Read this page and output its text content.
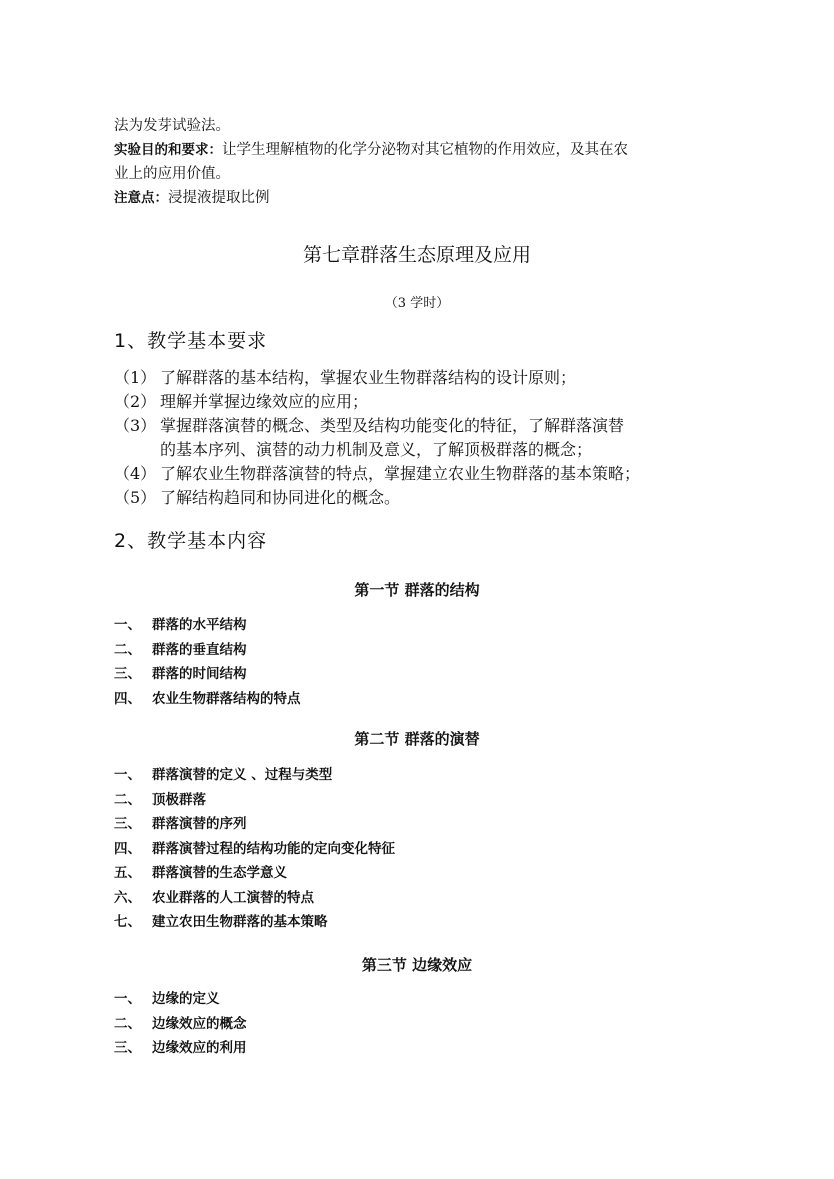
法为发芽试验法。
实验目的和要求：让学生理解植物的化学分泌物对其它植物的作用效应，及其在农
业上的应用价值。
注意点：浸提液提取比例
第七章群落生态原理及应用
（3 学时）
1、教学基本要求
（1） 了解群落的基本结构，掌握农业生物群落结构的设计原则；
（2） 理解并掌握边缘效应的应用；
（3） 掌握群落演替的概念、类型及结构功能变化的特征，了解群落演替
的基本序列、演替的动力机制及意义，了解顶极群落的概念；
（4） 了解农业生物群落演替的特点，掌握建立农业生物群落的基本策略；
（5） 了解结构趋同和协同进化的概念。
2、教学基本内容
第一节 群落的结构
一、 群落的水平结构
二、 群落的垂直结构
三、 群落的时间结构
四、 农业生物群落结构的特点
第二节 群落的演替
一、 群落演替的定义 、过程与类型
二、 顶极群落
三、 群落演替的序列
四、 群落演替过程的结构功能的定向变化特征
五、 群落演替的生态学意义
六、 农业群落的人工演替的特点
七、 建立农田生物群落的基本策略
第三节 边缘效应
一、 边缘的定义
二、 边缘效应的概念
三、 边缘效应的利用
